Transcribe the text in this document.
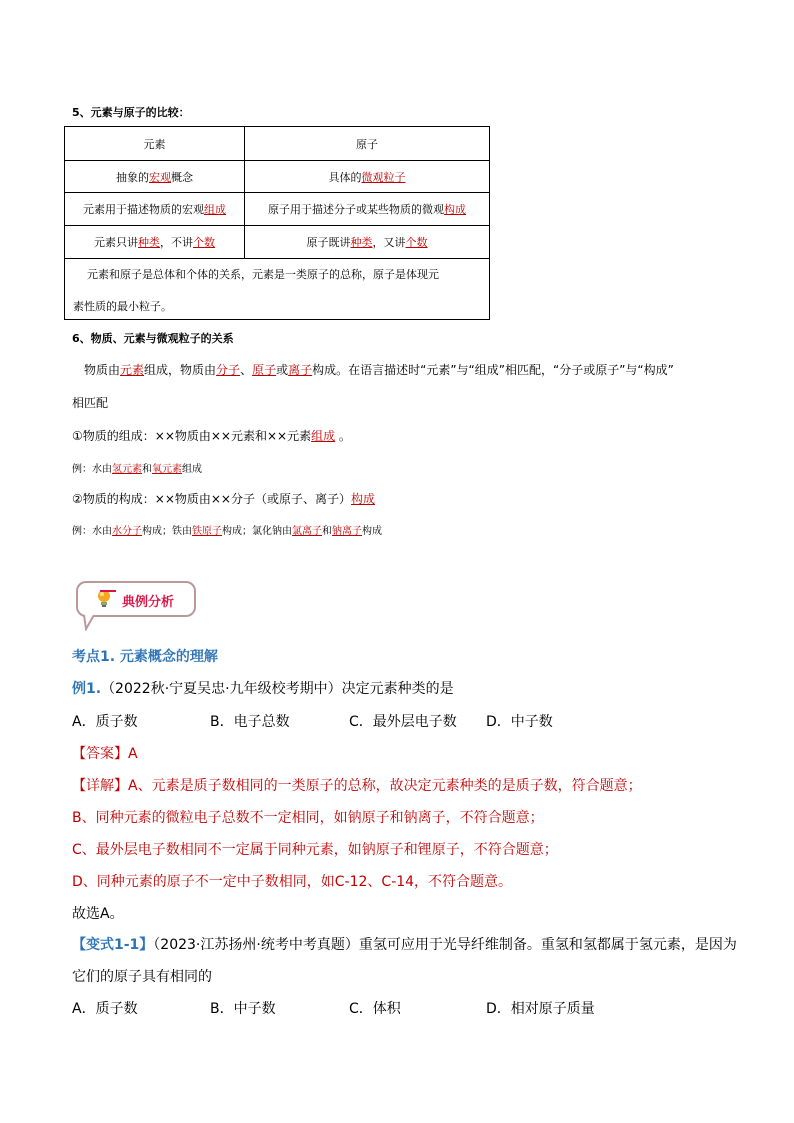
5、元素与原子的比较：
元素	原子
抽象的 宏观 概念	具体的 微观粒子
元素用于描述物质的宏观 组成	原子用于描述分子或某些物质的微观 构成
元素只讲 种类 ，不讲 个数	原子既讲 种类 ，又讲 个数
元素和原子是总体和个体的关系，元素是一类原子的总称，原子是体现元
素性质的最小粒子。
6、物质、元素与微观粒子的关系
物质由元素组成，物质由分子、原子或离子构成。在语言描述时“元素”与“组成”相匹配，“分子或原子”与“构成”
相匹配
①物质的组成：××物质由××元素和××元素组成 。
例：水由氢元素和氧元素组成
②物质的构成：××物质由××分子（或原子、离子）构成
例：水由水分子构成；铁由铁原子构成；氯化钠由氯离子和钠离子构成
典例分析
考点1. 元素概念的理解
例1.（2022秋·宁夏吴忠·九年级校考期中）决定元素种类的是
A．质子数	B．电子总数	C．最外层电子数 D．中子数
【答案】A
【详解】A、元素是质子数相同的一类原子的总称，故决定元素种类的是质子数，符合题意；
B、同种元素的微粒电子总数不一定相同，如钠原子和钠离子，不符合题意；
C、最外层电子数相同不一定属于同种元素，如钠原子和锂原子，不符合题意；
D、同种元素的原子不一定中子数相同，如C-12、C-14，不符合题意。
故选A。
【变式1-1】（2023·江苏扬州·统考中考真题）重氢可应用于光导纤维制备。重氢和氢都属于氢元素，是因为
它们的原子具有相同的
A．质子数	B．中子数	C．体积	D．相对原子质量
